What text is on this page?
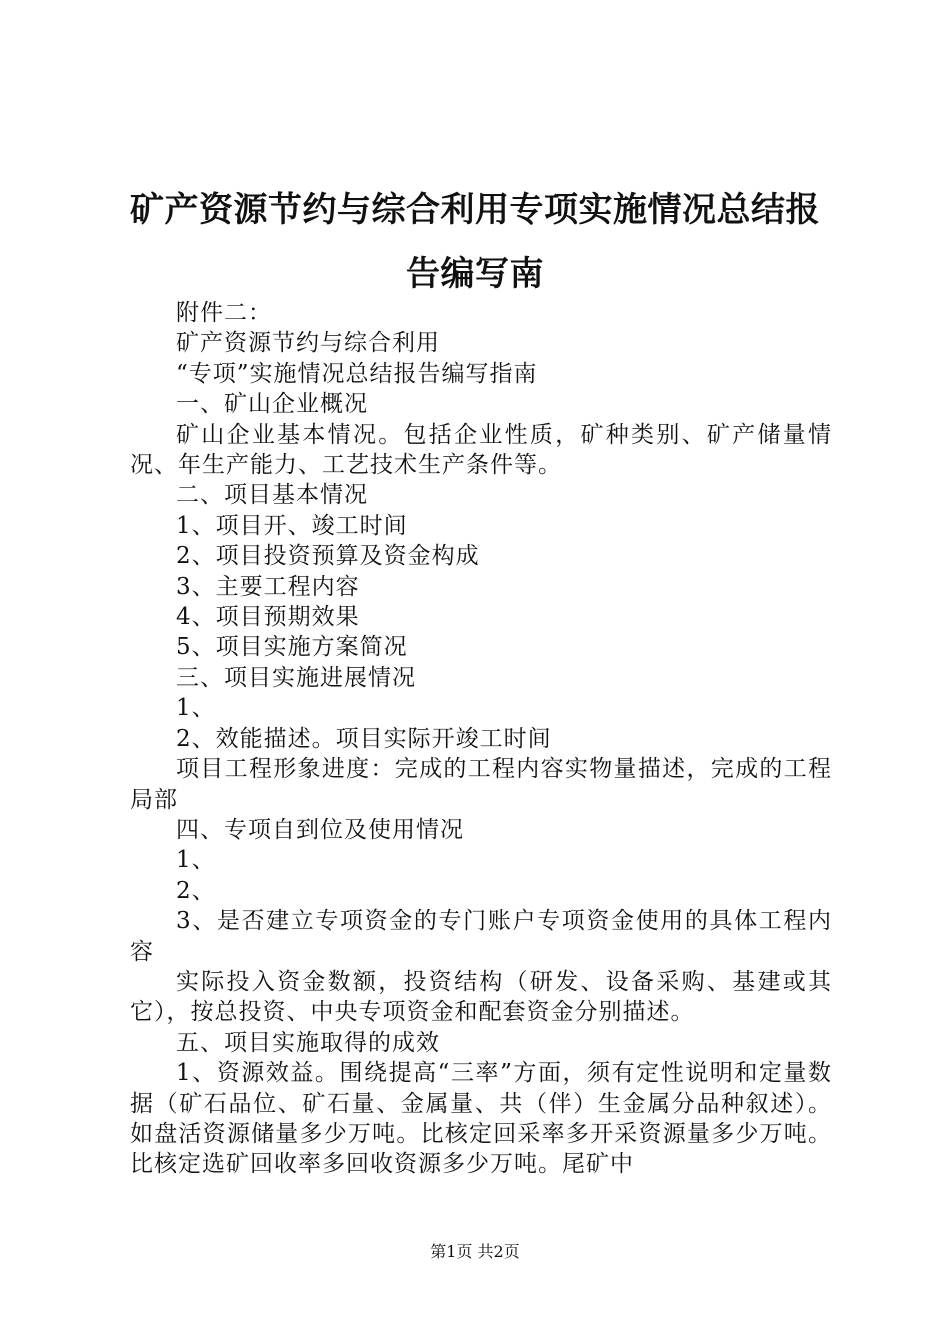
矿产资源节约与综合利用专项实施情况总结报告编写南

附件二：

矿产资源节约与综合利用

“专项”实施情况总结报告编写指南

一、矿山企业概况

矿山企业基本情况。包括企业性质，矿种类别、矿产储量情况、年生产能力、工艺技术生产条件等。

二、项目基本情况

1、项目开、竣工时间

2、项目投资预算及资金构成

3、主要工程内容

4、项目预期效果

5、项目实施方案简况

三、项目实施进展情况

1、

2、效能描述。项目实际开竣工时间

项目工程形象进度：完成的工程内容实物量描述，完成的工程局部

四、专项自到位及使用情况

1、

2、

3、是否建立专项资金的专门账户专项资金使用的具体工程内容

实际投入资金数额，投资结构（研发、设备采购、基建或其它），按总投资、中央专项资金和配套资金分别描述。

五、项目实施取得的成效

1、资源效益。围绕提高“三率”方面，须有定性说明和定量数据（矿石品位、矿石量、金属量、共（伴）生金属分品种叙述）。如盘活资源储量多少万吨。比核定回采率多开采资源量多少万吨。比核定选矿回收率多回收资源多少万吨。尾矿中

第1页 共2页
